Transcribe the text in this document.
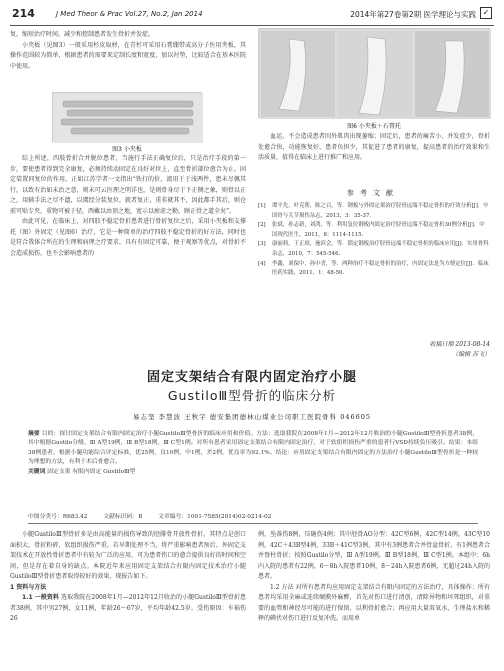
214	J Med Theor & Prac Vol.27, No.2, Jan 2014	2014年第27卷第2期 医学理论与实践 ✓

复，缩短治疗时间，减少和控制患者发生骨折并发症。

小夹板（见图3）一般采用杉皮取材，在青杉可采用石膏绷带或高分子医用夹板，其操作范围较为简单，根据患者的需要来定制长度和宽度，加以衬垫，比较适合在基本医院中使用。

图3 小夹板

综上所述，四肢骨折合并脱位患者，当施行手法正确复位后，只是治疗手段的第一步，要使患者得到完全康复，必须持续动固定在良好对位上，直至骨折部位愈合为止。固定装置同复位的作用，正如江苏学者一文指出“铁打的价，流用于于浅两件，患未尽佩其行，以致有治如未治之意，则未可云医理之明详也，是则骨身尽于下正侧之象，则骨以正之，用辅手法之尽不遗，以虞经分装复位，就者复正，重非就其不，因此都手其后，则仓前可贴专夹，重物可被于径，西戴以由顶之地，宽示以瘀虚之勤，顾正骨之道全矣”。

由此可见，在临床上，对四肢不稳定骨折患者进行骨折复位之后，采用小夹板和支撑托（图）外固定（见图6）治疗，它是一种简单的治疗四肢不稳定骨折的好方法，同时也是符合我体合所在的生理和病理之疗要求，具有有固定可靠，便于观察等优点，对骨折不会造成损伤，也不会影响患者的

图6 小夹板＋石膏托

血运，不会造成患者因外肌肉出现萎缩；固定后，患者的痛苦小，并发症少，骨折处愈合快，功能恢复好，患者负担少，其促进了患者的康复，提高患者的治疗效果和生活质量，值得在临床上进行推广和应用。

参考文献
[1]	谭平先，叶克帮，陈之召，等．钢板与外固定架治疗胫骨远端不稳定骨折的疗效分析[J]．中国骨与关节损伤杂志，2013，3：35-37.
[2]	张斌，孙志新，刘鸿，等．利用复位钢板内固定治疗胫骨远端不稳定骨折30例分析[J]．中国现代医生，2011，8：1114-1115.
[3]	康丽莉，王正琼，施滨会，等．锁定钢板治疗胫骨远端不稳定骨折的临床应用[J]．实用骨科杂志，2010，7：545-546.
[4]	李鑫，刘保中，孙中青，等．两种治疗不稳定骨折的治疗，内固定法是为方便定位[J]．临床医药实践，2011，1：48-50.
收稿日期 2013-08-14
（编辑 苏飞）
固定支架结合有限内固定治疗小腿
GustiloⅢ型骨折的临床分析
易志坚 李慧波 王秋宇 德安集团德林山煤业公司职工医院骨科 046605
摘要 目的：探讨固定支架结合有限内固定治疗小腿GustiloⅢ型骨折的临床应用和价值。方法：选取我院在2008年1月—2012年12月收治的小腿GustiloⅢ型骨折患者38例，其中根据Gustilo分级，Ⅲ A型19例，Ⅲ B型18例，Ⅲ C型1例。对所有患者采用固定支架结合有限内固定治疗，对于软组织损伤严重的患者行VSD持续负压吸引。结果：本组38例患者，根据小腿功能综合评定标准，优25例，良10例，中1例，差2例，优良率为92.1%。结论：应用固定支架结合有限内固定的方法治疗小腿GustiloⅢ型骨折是一种较为理想的方法，有利于术后骨愈合。
关键词 固定支架 有限内固定 GustiloⅢ型
中图分类号：R683.42	文献标识码：B	文章编号：1001-7585(2014)02-0214-02

小腿GustiloⅢ型骨折多是由高能量的损伤导致的胫腓骨开放性骨折，其特点是创口面积大，骨折粉碎，软组织损伤严重，若早期处理不当，将严重影响患者预后。外固定支架技术在开放性骨折患者中有较为广泛的应用，可为患者伤口的愈合提供良好的时间和空间，但是存在着自身的缺点。本院近年来应用固定支架结合有限内固定技术治疗小腿GustiloⅢ型骨折患者取得较好的效果，现报告如下。

1 资料与方法

1.1 一般资料 选取我院在2008年1月—2012年12月收治的小腿GustiloⅢ型骨折患者38例，其中男27例，女11例，年龄26～67岁，平均年龄42.5岁。受伤原因：车祸伤26

例，坠落伤8例，压砸伤4例；其中胫骨AO分型：42C型6例，42C型14例，43C型10例，42C＋43B型4例，33B＋41C型3例，其中有3例患者合并骨盆骨折，有1例患者合并脊柱骨折；按照Gustilo分型，Ⅲ A型19例，Ⅲ B型18例，Ⅲ C型1例。本组中：6h内入院的患者有22例，6～8h入院患者10例，8～24h入院患者6例，无超过24h入院的患者。

1.2 方法 对所有患者均应用固定支架结合有限内固定的方法治疗，具体操作：所有患者均采用全麻或连续硬膜外麻醉，首先对伤口进行清创，清除异物和坏死组织，对重要的血管和神经尽可能的进行保留，以利骨折愈合；再应用大量双氧水、生理盐水和稀释的碘伏对伤口进行反复冲洗。而用单
